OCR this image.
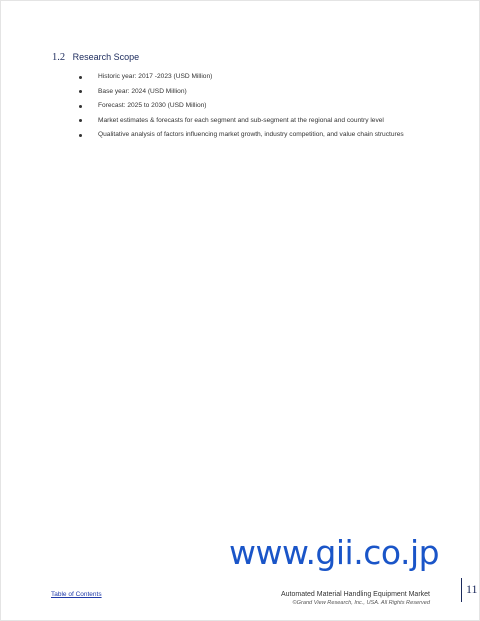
1.2 Research Scope
Historic year: 2017 -2023 (USD Million)
Base year: 2024 (USD Million)
Forecast: 2025 to 2030 (USD Million)
Market estimates & forecasts for each segment and sub-segment at the regional and country level
Qualitative analysis of factors influencing market growth, industry competition, and value chain structures
www.gii.co.jp
Table of Contents	Automated Material Handling Equipment Market
©Grand View Research, Inc., USA. All Rights Reserved
11
